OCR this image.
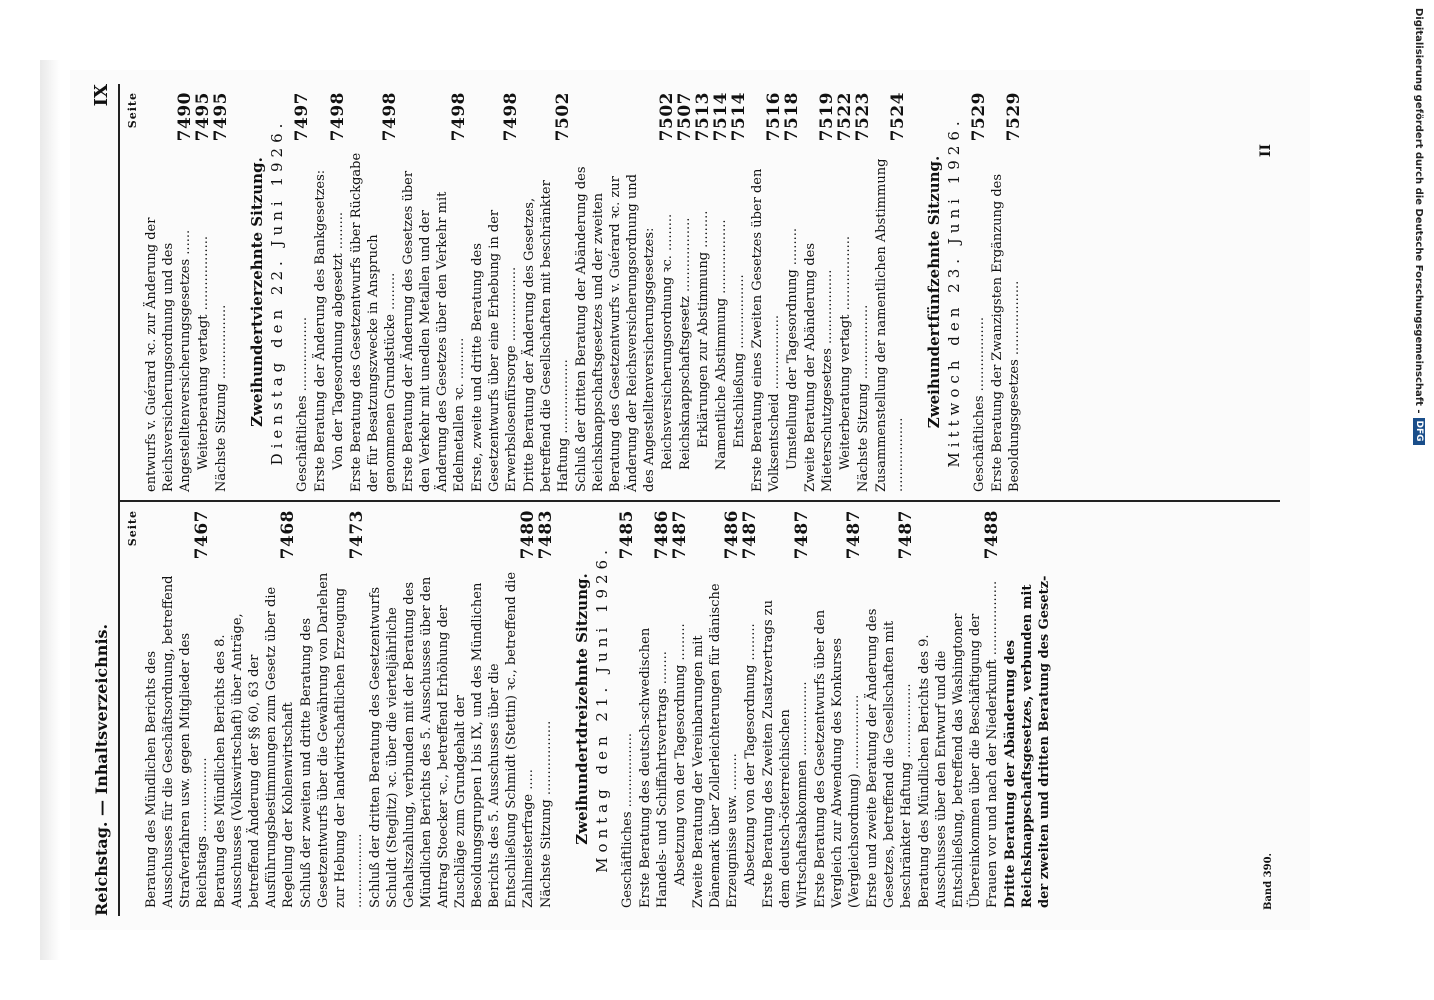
Reichstag. — Inhaltsverzeichnis.
IX
Seite
Beratung des Mündlichen Berichts des Ausschusses für die Geschäftsordnung, betreffend Strafverfahren usw. gegen Mitglieder des Reichstags ..................
7467
Beratung des Mündlichen Berichts des 8. Ausschusses (Volkswirtschaft) über Anträge, betreffend Änderung der §§ 60, 63 der Ausführungsbestimmungen zum Gesetz über die Regelung der Kohlenwirtschaft
7468
Schluß der zweiten und dritte Beratung des Gesetzentwurfs über die Gewährung von Darlehen zur Hebung der landwirtschaftlichen Erzeugung ..................
7473
Schluß der dritten Beratung des Gesetzentwurfs Schuldt (Steglitz) ꝛc. über die vierteljährliche Gehaltszahlung, verbunden mit der Beratung des Mündlichen Berichts des 5. Ausschusses über den Antrag Stoecker ꝛc., betreffend Erhöhung der Zuschläge zum Grundgehalt der Besoldungsgruppen I bis IX, und des Mündlichen Berichts des 5. Ausschusses über die Entschließung Schmidt (Stettin) ꝛc., betreffend die Zahlmeisterfrage .....
7480
Nächste Sitzung ..................
7483
Zweihundertdreizehnte Sitzung. Montag den 21. Juni 1926. Geschäftliches ..................
7485
Erste Beratung des deutsch-schwedischen Handels- und Schiffahrtsvertrags ........
7486
Absetzung von der Tagesordnung .........
7487
Zweite Beratung der Vereinbarungen mit Dänemark über Zollerleichterungen für dänische Erzeugnisse usw. .........
7486
Absetzung von der Tagesordnung .........
7487
Erste Beratung des Zweiten Zusatzvertrags zu dem deutsch-österreichischen Wirtschaftsabkommen ..................
7487
Erste Beratung des Gesetzentwurfs über den Vergleich zur Abwendung des Konkurses (Vergleichsordnung) ..................
7487
Erste und zweite Beratung der Änderung des Gesetzes, betreffend die Gesellschaften mit beschränkter Haftung ..................
7487
Beratung des Mündlichen Berichts des 9. Ausschusses über den Entwurf und die Entschließung, betreffend das Washingtoner Übereinkommen über die Beschäftigung der Frauen vor und nach der Niederkunft ..................
7488
Dritte Beratung der Abänderung des Reichsknappschaftsgesetzes, verbunden mit der zweiten und dritten Beratung des Gesetz-	Band 390.
Seite
entwurfs v. Guérard ꝛc. zur Änderung der Reichsversicherungsordnung und des Angestelltenversicherungsgesetzes ......
7490
Weiterberatung vertagt ..................
7495
Nächste Sitzung ..................
7495
Zweihundertvierzehnte Sitzung. Dienstag den 22. Juni 1926. Geschäftliches ..................
7497
Erste Beratung der Änderung des Bankgesetzes: Von der Tagesordnung abgesetzt .........
7498
Erste Beratung des Gesetzentwurfs über Rückgabe der für Besatzungszwecke in Anspruch genommenen Grundstücke .........
7498
Erste Beratung der Änderung des Gesetzes über den Verkehr mit unedlen Metallen und der Änderung des Gesetzes über den Verkehr mit Edelmetallen ꝛc. ..........
7498
Erste, zweite und dritte Beratung des Gesetzentwurfs über eine Erhebung in der Erwerbslosenfürsorge ..................
7498
Dritte Beratung der Änderung des Gesetzes, betreffend die Gesellschaften mit beschränkter Haftung ..................
7502
Schluß der dritten Beratung der Abänderung des Reichsknappschaftsgesetzes und der zweiten Beratung des Gesetzentwurfs v. Guérard ꝛc. zur Änderung der Reichsversicherungsordnung und des Angestelltenversicherungsgesetzes: Reichsversicherungsordnung ꝛc. .........
7502
Reichsknappschaftsgesetz ..................
7507
Erklärungen zur Abstimmung .........
7513
Namentliche Abstimmung ..................
7514
Entschließung ..................
7514
Erste Beratung eines Zweiten Gesetzes über den Volksentscheid ..................
7516
Umstellung der Tagesordnung .........
7518
Zweite Beratung der Abänderung des Mieterschutzgesetzes ..................
7519
Weiterberatung vertagt ..................
7522
Nächste Sitzung ..................
7523
Zusammenstellung der namentlichen Abstimmung ..................
7524
Zweihundertfünfzehnte Sitzung. Mittwoch den 23. Juni 1926. Geschäftliches ..................
7529
Erste Beratung der Zwanzigsten Ergänzung des Besoldungsgesetzes ..................
7529
II	Digitalisierung gefördert durch die Deutsche Forschungsgemeinschaft -
DFG
